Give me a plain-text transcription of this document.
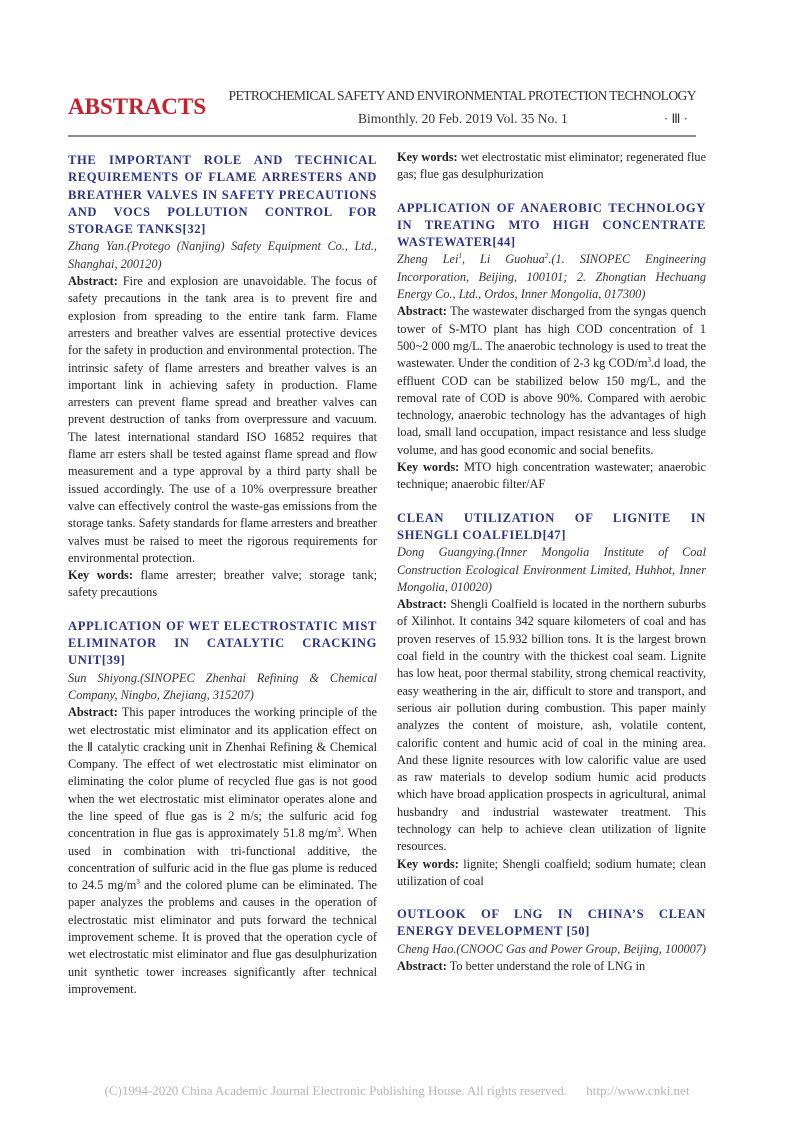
ABSTRACTS PETROCHEMICAL SAFETY AND ENVIRONMENTAL PROTECTION TECHNOLOGY
Bimonthly. 20 Feb. 2019 Vol. 35 No. 1	· Ⅲ ·
THE IMPORTANT ROLE AND TECHNICAL REQUIREMENTS OF FLAME ARRESTERS AND BREATHER VALVES IN SAFETY PRECAUTIONS AND VOCS POLLUTION CONTROL FOR STORAGE TANKS[32]
Zhang Yan.(Protego (Nanjing) Safety Equipment Co., Ltd., Shanghai, 200120)

Abstract: Fire and explosion are unavoidable. The focus of safety precautions in the tank area is to prevent fire and explosion from spreading to the entire tank farm. Flame arresters and breather valves are essential protective devices for the safety in production and environmental protection. The intrinsic safety of flame arresters and breather valves is an important link in achieving safety in production. Flame arresters can prevent flame spread and breather valves can prevent destruction of tanks from overpressure and vacuum. The latest international standard ISO 16852 requires that flame arr esters shall be tested against flame spread and flow measurement and a type approval by a third party shall be issued accordingly. The use of a 10% overpressure breather valve can effectively control the waste-gas emissions from the storage tanks. Safety standards for flame arresters and breather valves must be raised to meet the rigorous requirements for environmental protection.

Key words: flame arrester; breather valve; storage tank; safety precautions

APPLICATION OF WET ELECTROSTATIC MIST ELIMINATOR IN CATALYTIC CRACKING UNIT[39]
Sun Shiyong.(SINOPEC Zhenhai Refining & Chemical Company, Ningbo, Zhejiang, 315207)

Abstract: This paper introduces the working principle of the wet electrostatic mist eliminator and its application effect on the Ⅱ catalytic cracking unit in Zhenhai Refining & Chemical Company. The effect of wet electrostatic mist eliminator on eliminating the color plume of recycled flue gas is not good when the wet electrostatic mist eliminator operates alone and the line speed of flue gas is 2 m/s; the sulfuric acid fog concentration in flue gas is approximately 51.8 $mg/m^3$. When used in combination with tri-functional additive, the concentration of sulfuric acid in the flue gas plume is reduced to 24.5 $mg/m^3$ and the colored plume can be eliminated. The paper analyzes the problems and causes in the operation of electrostatic mist eliminator and puts forward the technical improvement scheme. It is proved that the operation cycle of wet electrostatic mist eliminator and flue gas desulphurization unit synthetic tower increases significantly after technical improvement.

Key words: wet electrostatic mist eliminator; regenerated flue gas; flue gas desulphurization

APPLICATION OF ANAEROBIC TECHNOLOGY IN TREATING MTO HIGH CONCENTRATE WASTEWATER[44]
Zheng Lei$^1$, Li Guohua$^2$.(1. SINOPEC Engineering Incorporation, Beijing, 100101; 2. Zhongtian Hechuang Energy Co., Ltd., Ordos, Inner Mongolia, 017300)

Abstract: The wastewater discharged from the syngas quench tower of S-MTO plant has high COD concentration of 1 500~2 000 mg/L. The anaerobic technology is used to treat the wastewater. Under the condition of 2-3 kg COD/$m^3.d$ load, the effluent COD can be stabilized below 150 mg/L, and the removal rate of COD is above 90%. Compared with aerobic technology, anaerobic technology has the advantages of high load, small land occupation, impact resistance and less sludge volume, and has good economic and social benefits.

Key words: MTO high concentration wastewater; anaerobic technique; anaerobic filter/AF

CLEAN UTILIZATION OF LIGNITE IN SHENGLI COALFIELD[47]
Dong Guangying.(Inner Mongolia Institute of Coal Construction Ecological Environment Limited, Huhhot, Inner Mongolia, 010020)

Abstract: Shengli Coalfield is located in the northern suburbs of Xilinhot. It contains 342 square kilometers of coal and has proven reserves of 15.932 billion tons. It is the largest brown coal field in the country with the thickest coal seam. Lignite has low heat, poor thermal stability, strong chemical reactivity, easy weathering in the air, difficult to store and transport, and serious air pollution during combustion. This paper mainly analyzes the content of moisture, ash, volatile content, calorific content and humic acid of coal in the mining area. And these lignite resources with low calorific value are used as raw materials to develop sodium humic acid products which have broad application prospects in agricultural, animal husbandry and industrial wastewater treatment. This technology can help to achieve clean utilization of lignite resources.

Key words: lignite; Shengli coalfield; sodium humate; clean utilization of coal

OUTLOOK OF LNG IN CHINA’S CLEAN ENERGY DEVELOPMENT [50]
Cheng Hao.(CNOOC Gas and Power Group, Beijing, 100007)

Abstract: To better understand the role of LNG in

(C)1994-2020 China Academic Journal Electronic Publishing House. All rights reserved. http://www.cnki.net
